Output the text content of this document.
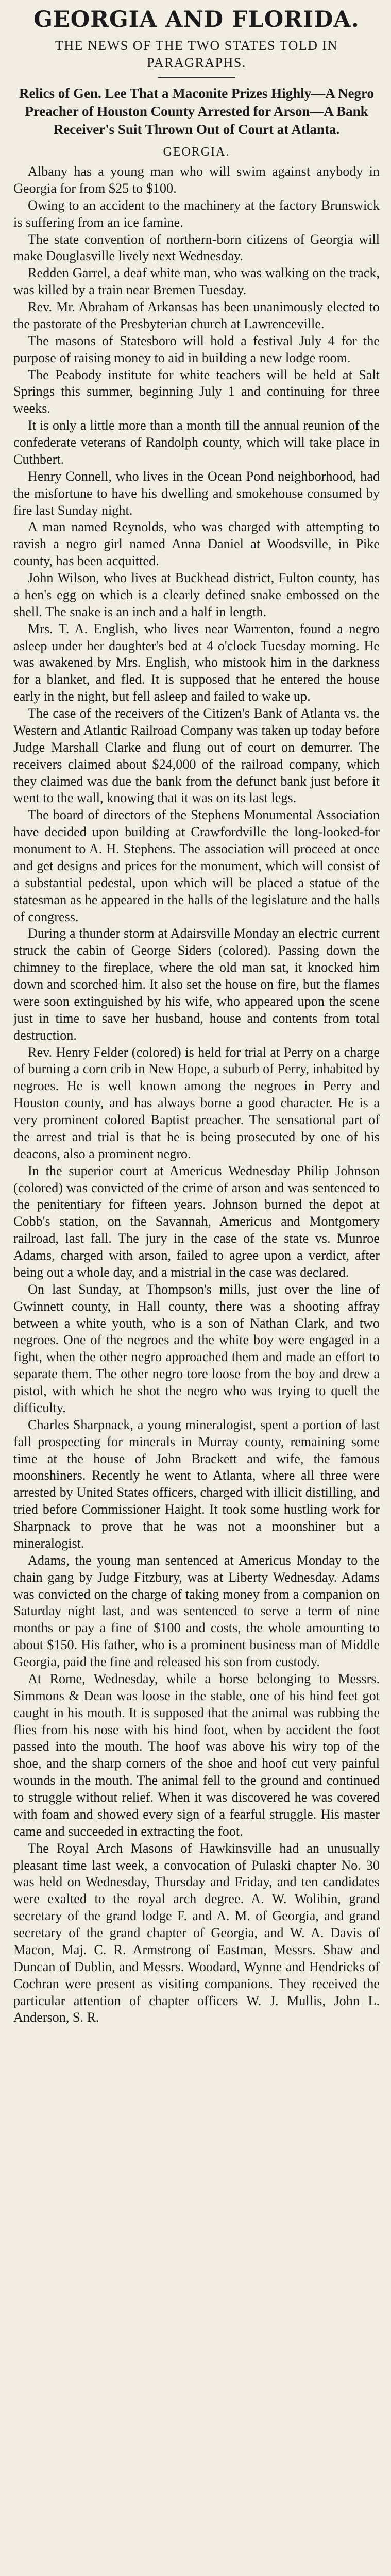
GEORGIA AND FLORIDA.

THE NEWS OF THE TWO STATES TOLD IN PARAGRAPHS.

Relics of Gen. Lee That a Maconite Prizes Highly—A Negro Preacher of Houston County Arrested for Arson—A Bank Receiver's Suit Thrown Out of Court at Atlanta.

GEORGIA.

Albany has a young man who will swim against anybody in Georgia for from $25 to $100.

Owing to an accident to the machinery at the factory Brunswick is suffering from an ice famine.

The state convention of northern-born citizens of Georgia will make Douglasville lively next Wednesday.

Redden Garrel, a deaf white man, who was walking on the track, was killed by a train near Bremen Tuesday.

Rev. Mr. Abraham of Arkansas has been unanimously elected to the pastorate of the Presbyterian church at Lawrenceville.

The masons of Statesboro will hold a festival July 4 for the purpose of raising money to aid in building a new lodge room.

The Peabody institute for white teachers will be held at Salt Springs this summer, beginning July 1 and continuing for three weeks.

It is only a little more than a month till the annual reunion of the confederate veterans of Randolph county, which will take place in Cuthbert.

Henry Connell, who lives in the Ocean Pond neighborhood, had the misfortune to have his dwelling and smokehouse consumed by fire last Sunday night.

A man named Reynolds, who was charged with attempting to ravish a negro girl named Anna Daniel at Woodsville, in Pike county, has been acquitted.

John Wilson, who lives at Buckhead district, Fulton county, has a hen's egg on which is a clearly defined snake embossed on the shell. The snake is an inch and a half in length.

Mrs. T. A. English, who lives near Warrenton, found a negro asleep under her daughter's bed at 4 o'clock Tuesday morning. He was awakened by Mrs. English, who mistook him in the darkness for a blanket, and fled. It is supposed that he entered the house early in the night, but fell asleep and failed to wake up.

The case of the receivers of the Citizen's Bank of Atlanta vs. the Western and Atlantic Railroad Company was taken up today before Judge Marshall Clarke and flung out of court on demurrer. The receivers claimed about $24,000 of the railroad company, which they claimed was due the bank from the defunct bank just before it went to the wall, knowing that it was on its last legs.

The board of directors of the Stephens Monumental Association have decided upon building at Crawfordville the long-looked-for monument to A. H. Stephens. The association will proceed at once and get designs and prices for the monument, which will consist of a substantial pedestal, upon which will be placed a statue of the statesman as he appeared in the halls of the legislature and the halls of congress.

During a thunder storm at Adairsville Monday an electric current struck the cabin of George Siders (colored). Passing down the chimney to the fireplace, where the old man sat, it knocked him down and scorched him. It also set the house on fire, but the flames were soon extinguished by his wife, who appeared upon the scene just in time to save her husband, house and contents from total destruction.

Rev. Henry Felder (colored) is held for trial at Perry on a charge of burning a corn crib in New Hope, a suburb of Perry, inhabited by negroes. He is well known among the negroes in Perry and Houston county, and has always borne a good character. He is a very prominent colored Baptist preacher. The sensational part of the arrest and trial is that he is being prosecuted by one of his deacons, also a prominent negro.

In the superior court at Americus Wednesday Philip Johnson (colored) was convicted of the crime of arson and was sentenced to the penitentiary for fifteen years. Johnson burned the depot at Cobb's station, on the Savannah, Americus and Montgomery railroad, last fall. The jury in the case of the state vs. Munroe Adams, charged with arson, failed to agree upon a verdict, after being out a whole day, and a mistrial in the case was declared.

On last Sunday, at Thompson's mills, just over the line of Gwinnett county, in Hall county, there was a shooting affray between a white youth, who is a son of Nathan Clark, and two negroes. One of the negroes and the white boy were engaged in a fight, when the other negro approached them and made an effort to separate them. The other negro tore loose from the boy and drew a pistol, with which he shot the negro who was trying to quell the difficulty.

Charles Sharpnack, a young mineralogist, spent a portion of last fall prospecting for minerals in Murray county, remaining some time at the house of John Brackett and wife, the famous moonshiners. Recently he went to Atlanta, where all three were arrested by United States officers, charged with illicit distilling, and tried before Commissioner Haight. It took some hustling work for Sharpnack to prove that he was not a moonshiner but a mineralogist.

Adams, the young man sentenced at Americus Monday to the chain gang by Judge Fitzbury, was at Liberty Wednesday. Adams was convicted on the charge of taking money from a companion on Saturday night last, and was sentenced to serve a term of nine months or pay a fine of $100 and costs, the whole amounting to about $150. His father, who is a prominent business man of Middle Georgia, paid the fine and released his son from custody.

At Rome, Wednesday, while a horse belonging to Messrs. Simmons & Dean was loose in the stable, one of his hind feet got caught in his mouth. It is supposed that the animal was rubbing the flies from his nose with his hind foot, when by accident the foot passed into the mouth. The hoof was above his wiry top of the shoe, and the sharp corners of the shoe and hoof cut very painful wounds in the mouth. The animal fell to the ground and continued to struggle without relief. When it was discovered he was covered with foam and showed every sign of a fearful struggle. His master came and succeeded in extracting the foot.

The Royal Arch Masons of Hawkinsville had an unusually pleasant time last week, a convocation of Pulaski chapter No. 30 was held on Wednesday, Thursday and Friday, and ten candidates were exalted to the royal arch degree. A. W. Wolihin, grand secretary of the grand lodge F. and A. M. of Georgia, and grand secretary of the grand chapter of Georgia, and W. A. Davis of Macon, Maj. C. R. Armstrong of Eastman, Messrs. Shaw and Duncan of Dublin, and Messrs. Woodard, Wynne and Hendricks of Cochran were present as visiting companions. They received the particular attention of chapter officers W. J. Mullis, John L. Anderson, S. R.
